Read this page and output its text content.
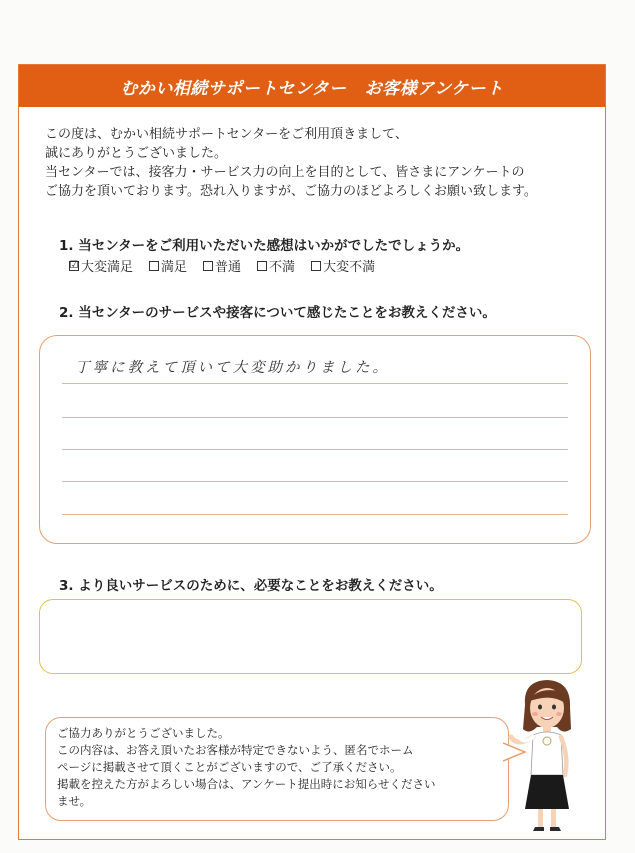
むかい相続サポートセンター お客様アンケート

この度は、むかい相続サポートセンターをご利用頂きまして、

誠にありがとうございました。

当センターでは、接客力・サービス力の向上を目的として、皆さまにアンケートの

ご協力を頂いております。恐れ入りますが、ご協力のほどよろしくお願い致します。

1. 当センターをご利用いただいた感想はいかがでしたでしょうか。
☑ 大変満足 満足 普通 不満 大変不満
2. 当センターのサービスや接客について感じたことをお教えください。
丁寧に教えて頂いて大変助かりました。
3. より良いサービスのために、必要なことをお教えください。

ご協力ありがとうございました。

この内容は、お答え頂いたお客様が特定できないよう、匿名でホーム

ページに掲載させて頂くことがございますので、ご了承ください。

掲載を控えた方がよろしい場合は、アンケート提出時にお知らせください

ませ。
